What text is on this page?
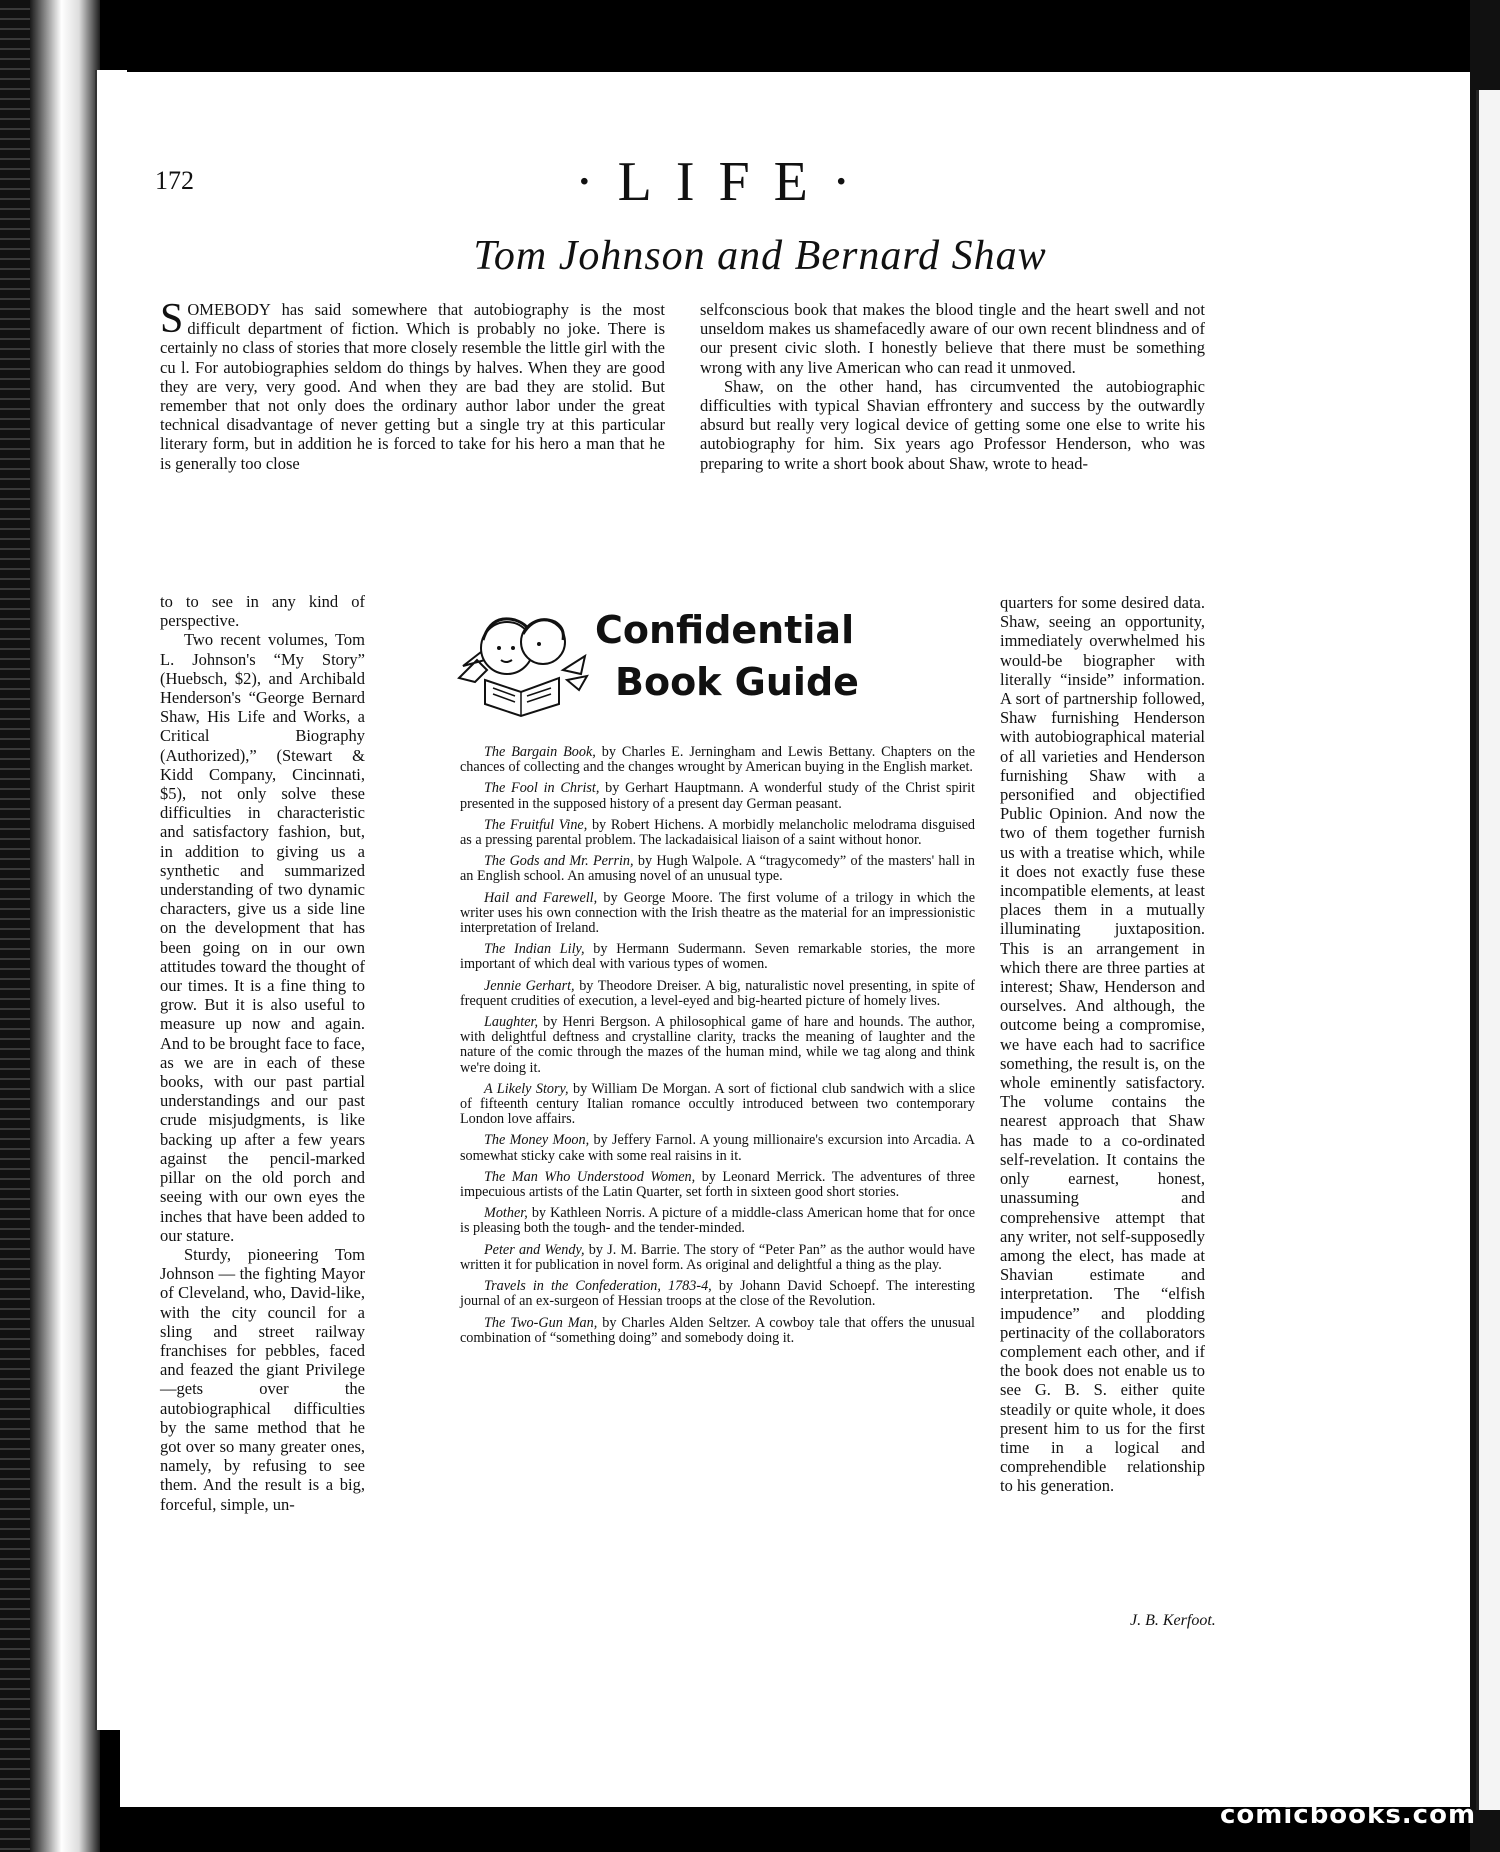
172	·LIFE·
Tom Johnson and Bernard Shaw

SOMEBODY has said somewhere that autobiography is the most difficult department of fiction. Which is probably no joke. There is certainly no class of stories that more closely resemble the little girl with the cu l. For autobiographies seldom do things by halves. When they are good they are very, very good. And when they are bad they are stolid. But remember that not only does the ordinary author labor under the great technical disadvantage of never getting but a single try at this particular literary form, but in addition he is forced to take for his hero a man that he is generally too close

selfconscious book that makes the blood tingle and the heart swell and not unseldom makes us shamefacedly aware of our own recent blindness and of our present civic sloth. I honestly believe that there must be something wrong with any live American who can read it unmoved.

Shaw, on the other hand, has circumvented the autobiographic difficulties with typical Shavian effrontery and success by the outwardly absurd but really very logical device of getting some one else to write his autobiography for him. Six years ago Professor Henderson, who was preparing to write a short book about Shaw, wrote to head-

to to see in any kind of perspective.

Two recent volumes, Tom L. Johnson's “My Story” (Huebsch, $2), and Archibald Henderson's “George Bernard Shaw, His Life and Works, a Critical Biography (Authorized),” (Stewart & Kidd Company, Cincinnati, $5), not only solve these difficulties in characteristic and satisfactory fashion, but, in addition to giving us a synthetic and summarized understanding of two dynamic characters, give us a side line on the development that has been going on in our own attitudes toward the thought of our times. It is a fine thing to grow. But it is also useful to measure up now and again. And to be brought face to face, as we are in each of these books, with our past partial understandings and our past crude misjudgments, is like backing up after a few years against the pencil-marked pillar on the old porch and seeing with our own eyes the inches that have been added to our stature.

Sturdy, pioneering Tom Johnson — the fighting Mayor of Cleveland, who, David-like, with the city council for a sling and street railway franchises for pebbles, faced and feazed the giant Privilege —gets over the autobiographical difficulties by the same method that he got over so many greater ones, namely, by refusing to see them. And the result is a big, forceful, simple, un-

Confidential
Book Guide

The Bargain Book, by Charles E. Jerningham and Lewis Bettany. Chapters on the chances of collecting and the changes wrought by American buying in the English market.

The Fool in Christ, by Gerhart Hauptmann. A wonderful study of the Christ spirit presented in the supposed history of a present day German peasant.

The Fruitful Vine, by Robert Hichens. A morbidly melancholic melodrama disguised as a pressing parental problem. The lackadaisical liaison of a saint without honor.

The Gods and Mr. Perrin, by Hugh Walpole. A “tragycomedy” of the masters' hall in an English school. An amusing novel of an unusual type.

Hail and Farewell, by George Moore. The first volume of a trilogy in which the writer uses his own connection with the Irish theatre as the material for an impressionistic interpretation of Ireland.

The Indian Lily, by Hermann Sudermann. Seven remarkable stories, the more important of which deal with various types of women.

Jennie Gerhart, by Theodore Dreiser. A big, naturalistic novel presenting, in spite of frequent crudities of execution, a level-eyed and big-hearted picture of homely lives.

Laughter, by Henri Bergson. A philosophical game of hare and hounds. The author, with delightful deftness and crystalline clarity, tracks the meaning of laughter and the nature of the comic through the mazes of the human mind, while we tag along and think we're doing it.

A Likely Story, by William De Morgan. A sort of fictional club sandwich with a slice of fifteenth century Italian romance occultly introduced between two contemporary London love affairs.

The Money Moon, by Jeffery Farnol. A young millionaire's excursion into Arcadia. A somewhat sticky cake with some real raisins in it.

The Man Who Understood Women, by Leonard Merrick. The adventures of three impecuious artists of the Latin Quarter, set forth in sixteen good short stories.

Mother, by Kathleen Norris. A picture of a middle-class American home that for once is pleasing both the tough- and the tender-minded.

Peter and Wendy, by J. M. Barrie. The story of “Peter Pan” as the author would have written it for publication in novel form. As original and delightful a thing as the play.

Travels in the Confederation, 1783-4, by Johann David Schoepf. The interesting journal of an ex-surgeon of Hessian troops at the close of the Revolution.

The Two-Gun Man, by Charles Alden Seltzer. A cowboy tale that offers the unusual combination of “something doing” and somebody doing it.

quarters for some desired data. Shaw, seeing an opportunity, immediately overwhelmed his would-be biographer with literally “inside” information. A sort of partnership followed, Shaw furnishing Henderson with autobiographical material of all varieties and Henderson furnishing Shaw with a personified and objectified Public Opinion. And now the two of them together furnish us with a treatise which, while it does not exactly fuse these incompatible elements, at least places them in a mutually illuminating juxtaposition. This is an arrangement in which there are three parties at interest; Shaw, Henderson and ourselves. And although, the outcome being a compromise, we have each had to sacrifice something, the result is, on the whole eminently satisfactory. The volume contains the nearest approach that Shaw has made to a co-ordinated self-revelation. It contains the only earnest, honest, unassuming and comprehensive attempt that any writer, not self-supposedly among the elect, has made at Shavian estimate and interpretation. The “elfish impudence” and plodding pertinacity of the collaborators complement each other, and if the book does not enable us to see G. B. S. either quite steadily or quite whole, it does present him to us for the first time in a logical and comprehendible relationship to his generation.

J. B. Kerfoot.
comicbooks.com
